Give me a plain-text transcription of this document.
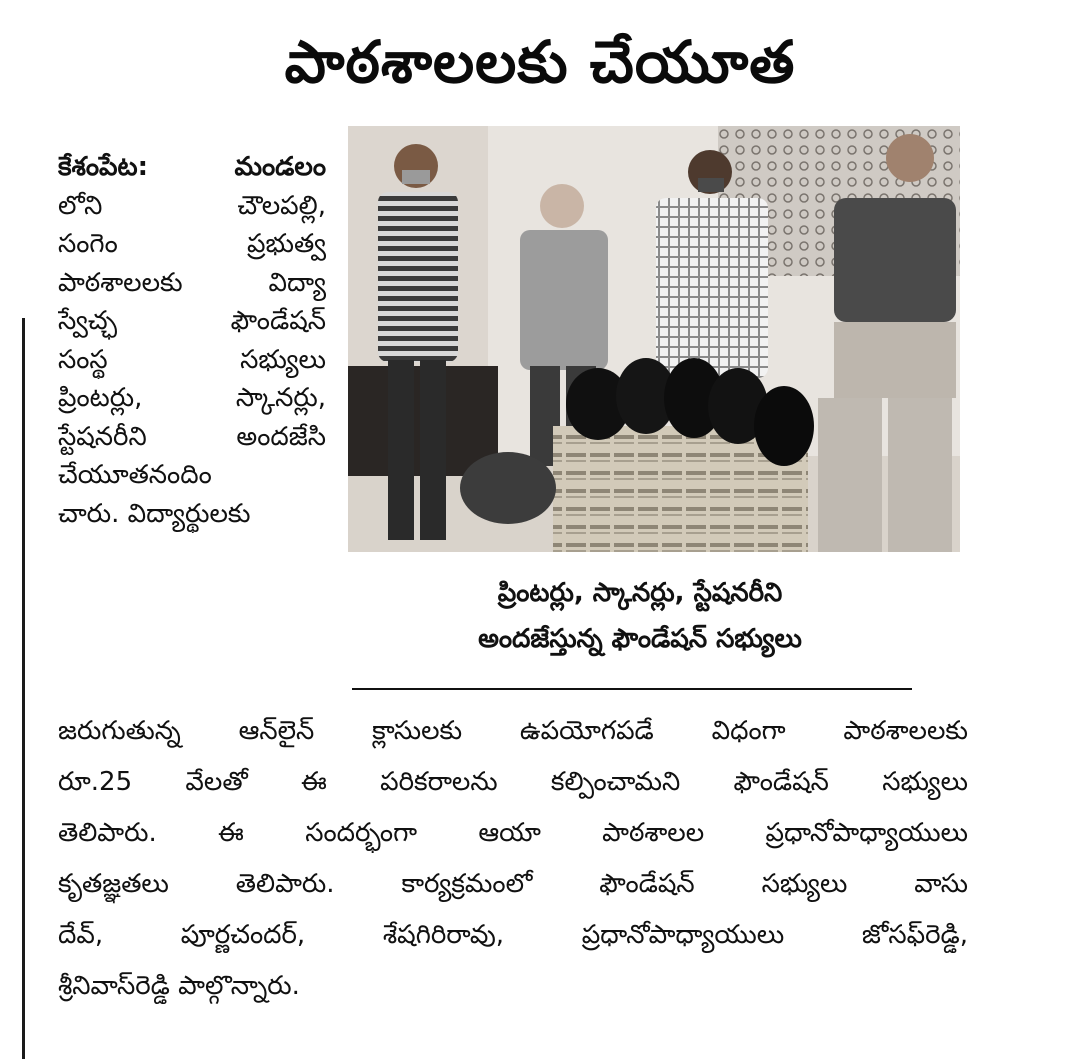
పాఠశాలలకు చేయూత
కేశంపేట: మండలం
లోని చౌలపల్లి,
సంగెం ప్రభుత్వ
పాఠశాలలకు విద్యా
స్వేచ్ఛ ఫౌండేషన్
సంస్థ సభ్యులు
ప్రింటర్లు, స్కానర్లు,
స్టేషనరీని అందజేసి
చేయూతనందిం
చారు. విద్యార్థులకు
ప్రింటర్లు, స్కానర్లు, స్టేషనరీని
అందజేస్తున్న ఫౌండేషన్ సభ్యులు
జరుగుతున్న ఆన్‌లైన్ క్లాసులకు ఉపయోగపడే విధంగా పాఠశాలలకు
రూ.25 వేలతో ఈ పరికరాలను కల్పించామని ఫౌండేషన్ సభ్యులు
తెలిపారు. ఈ సందర్భంగా ఆయా పాఠశాలల ప్రధానోపాధ్యాయులు
కృతజ్ఞతలు తెలిపారు. కార్యక్రమంలో ఫౌండేషన్ సభ్యులు వాసు
దేవ్, పూర్ణచందర్, శేషగిరిరావు, ప్రధానోపాధ్యాయులు జోసఫ్‌రెడ్డి,
శ్రీనివాస్‌రెడ్డి పాల్గొన్నారు.
